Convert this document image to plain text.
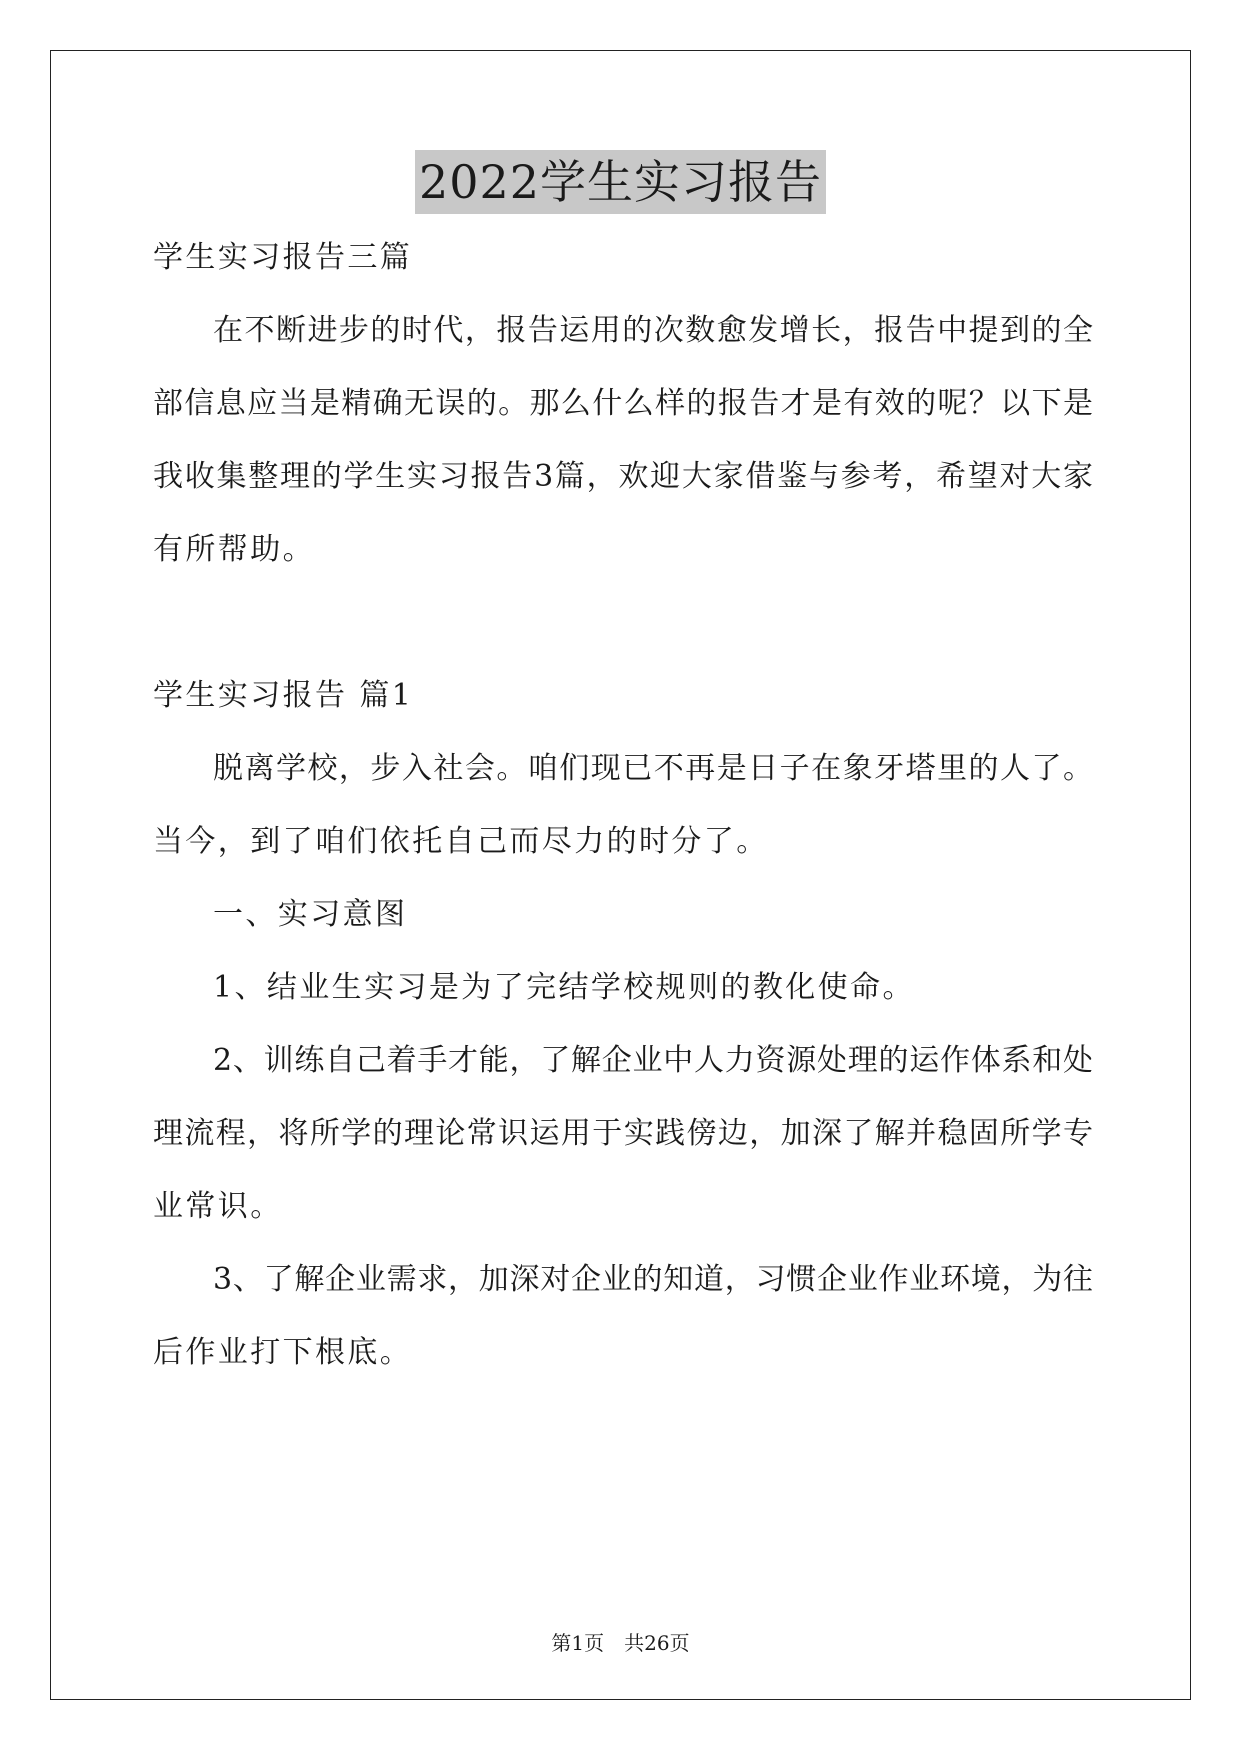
2022学生实习报告
学生实习报告三篇
在不断进步的时代，报告运用的次数愈发增长，报告中提到的全
部信息应当是精确无误的。那么什么样的报告才是有效的呢？以下是
我收集整理的学生实习报告3篇，欢迎大家借鉴与参考，希望对大家
有所帮助。
学生实习报告 篇1
脱离学校，步入社会。咱们现已不再是日子在象牙塔里的人了。
当今，到了咱们依托自己而尽力的时分了。
一、实习意图
1、结业生实习是为了完结学校规则的教化使命。
2、训练自己着手才能，了解企业中人力资源处理的运作体系和处
理流程，将所学的理论常识运用于实践傍边，加深了解并稳固所学专
业常识。
3、了解企业需求，加深对企业的知道，习惯企业作业环境，为往
后作业打下根底。
第1页　共26页
